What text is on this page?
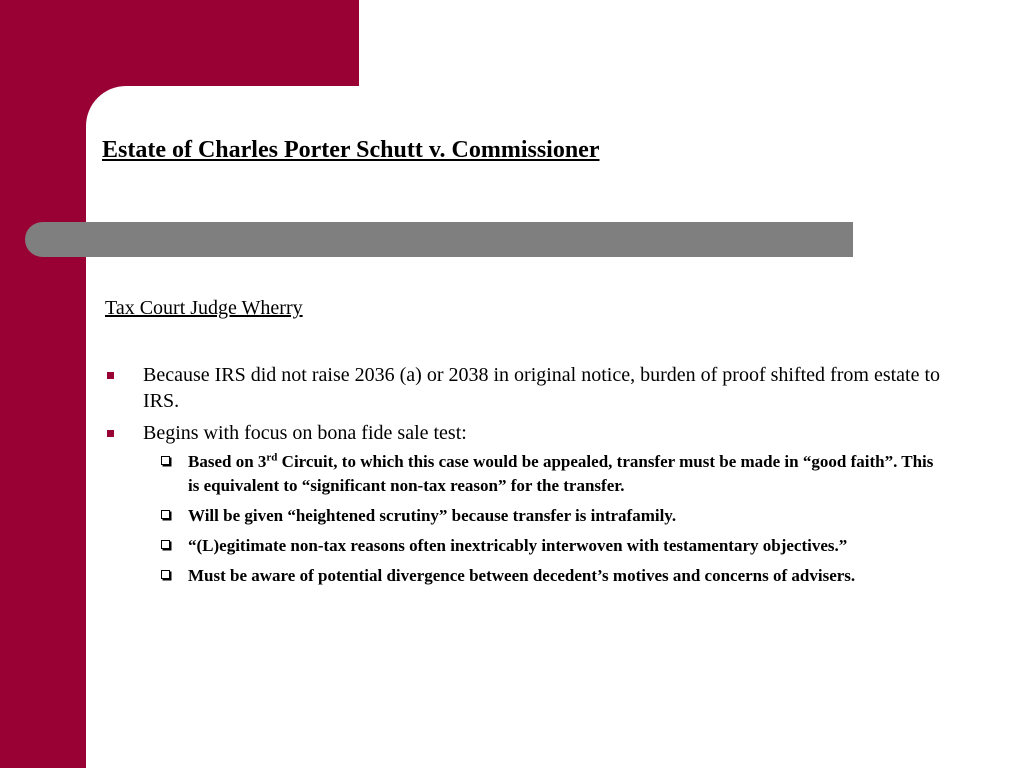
Estate of Charles Porter Schutt v. Commissioner

Tax Court Judge Wherry

Because IRS did not raise 2036 (a) or 2038 in original notice, burden of proof shifted from estate to IRS.
Begins with focus on bona fide sale test:
Based on 3rd Circuit, to which this case would be appealed, transfer must be made in “good faith”. This is equivalent to “significant non-tax reason” for the transfer.
Will be given “heightened scrutiny” because transfer is intrafamily.
“(L)egitimate non-tax reasons often inextricably interwoven with testamentary objectives.”
Must be aware of potential divergence between decedent’s motives and concerns of advisers.
